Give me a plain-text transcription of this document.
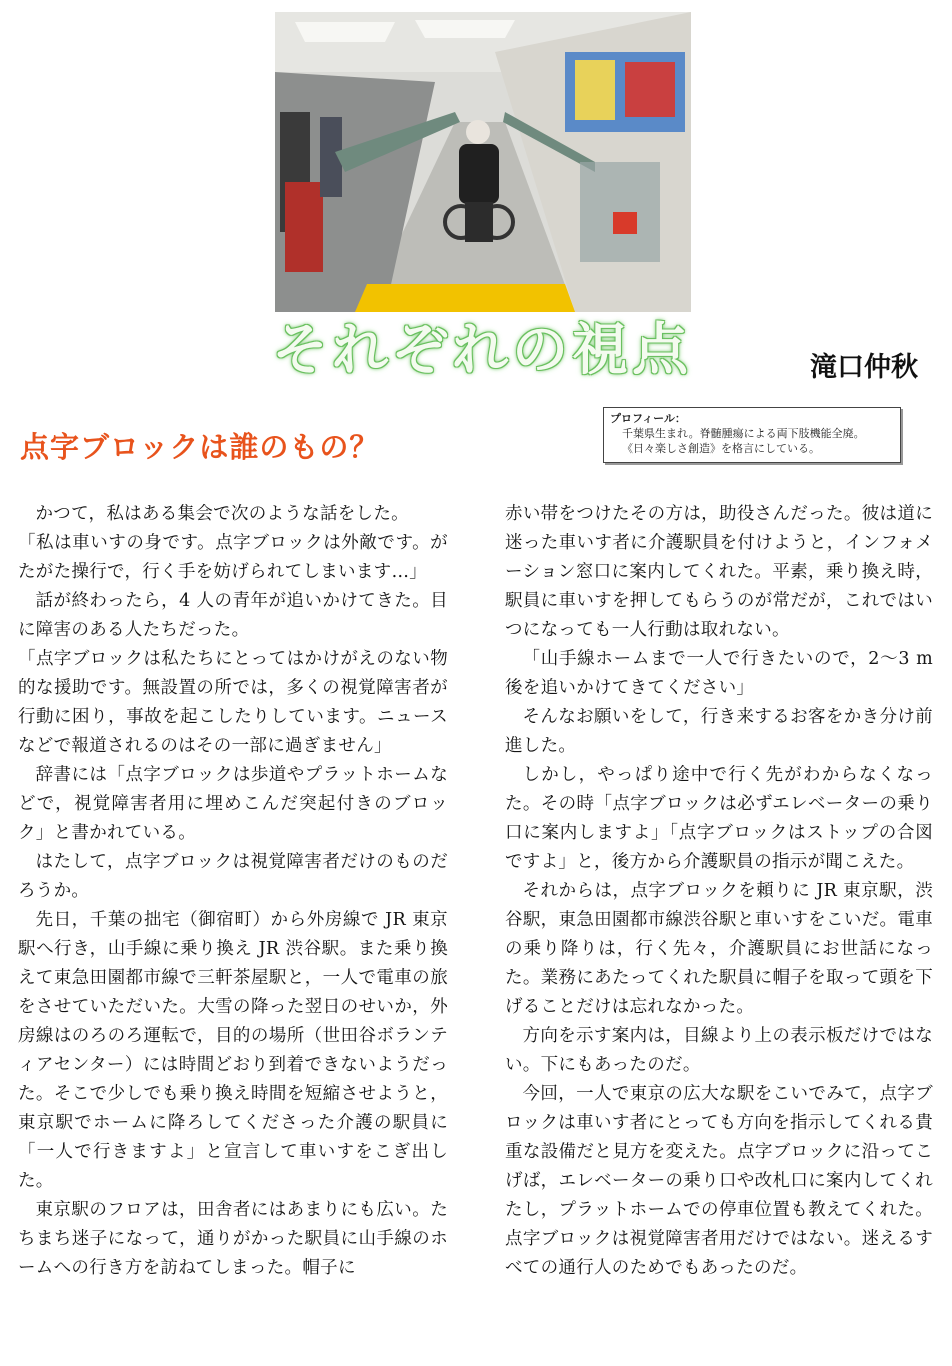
それぞれの視点	滝口仲秋
プロフィール：
千葉県生まれ。脊髄腫瘍による両下肢機能全廃。
《日々楽しさ創造》を格言にしている。
点字ブロックは誰のもの？

かつて，私はある集会で次のような話をした。

「私は車いすの身です。点字ブロックは外敵です。がたがた操行で，行く手を妨げられてしまいます…」

話が終わったら，4 人の青年が追いかけてきた。目に障害のある人たちだった。

「点字ブロックは私たちにとってはかけがえのない物的な援助です。無設置の所では，多くの視覚障害者が行動に困り，事故を起こしたりしています。ニュースなどで報道されるのはその一部に過ぎません」

辞書には「点字ブロックは歩道やプラットホームなどで，視覚障害者用に埋めこんだ突起付きのブロック」と書かれている。

はたして，点字ブロックは視覚障害者だけのものだろうか。

先日，千葉の拙宅（御宿町）から外房線で JR 東京駅へ行き，山手線に乗り換え JR 渋谷駅。また乗り換えて東急田園都市線で三軒茶屋駅と，一人で電車の旅をさせていただいた。大雪の降った翌日のせいか，外房線はのろのろ運転で，目的の場所（世田谷ボランティアセンター）には時間どおり到着できないようだった。そこで少しでも乗り換え時間を短縮させようと，東京駅でホームに降ろしてくださった介護の駅員に「一人で行きますよ」と宣言して車いすをこぎ出した。

東京駅のフロアは，田舎者にはあまりにも広い。たちまち迷子になって，通りがかった駅員に山手線のホームへの行き方を訪ねてしまった。帽子に

赤い帯をつけたその方は，助役さんだった。彼は道に迷った車いす者に介護駅員を付けようと，インフォメーション窓口に案内してくれた。平素，乗り換え時，駅員に車いすを押してもらうのが常だが，これではいつになっても一人行動は取れない。

「山手線ホームまで一人で行きたいので，2〜3 m 後を追いかけてきてください」

そんなお願いをして，行き来するお客をかき分け前進した。

しかし，やっぱり途中で行く先がわからなくなった。その時「点字ブロックは必ずエレベーターの乗り口に案内しますよ」「点字ブロックはストップの合図ですよ」と，後方から介護駅員の指示が聞こえた。

それからは，点字ブロックを頼りに JR 東京駅，渋谷駅，東急田園都市線渋谷駅と車いすをこいだ。電車の乗り降りは，行く先々，介護駅員にお世話になった。業務にあたってくれた駅員に帽子を取って頭を下げることだけは忘れなかった。

方向を示す案内は，目線より上の表示板だけではない。下にもあったのだ。

今回，一人で東京の広大な駅をこいでみて，点字ブロックは車いす者にとっても方向を指示してくれる貴重な設備だと見方を変えた。点字ブロックに沿ってこげば，エレベーターの乗り口や改札口に案内してくれたし，プラットホームでの停車位置も教えてくれた。点字ブロックは視覚障害者用だけではない。迷えるすべての通行人のためでもあったのだ。
